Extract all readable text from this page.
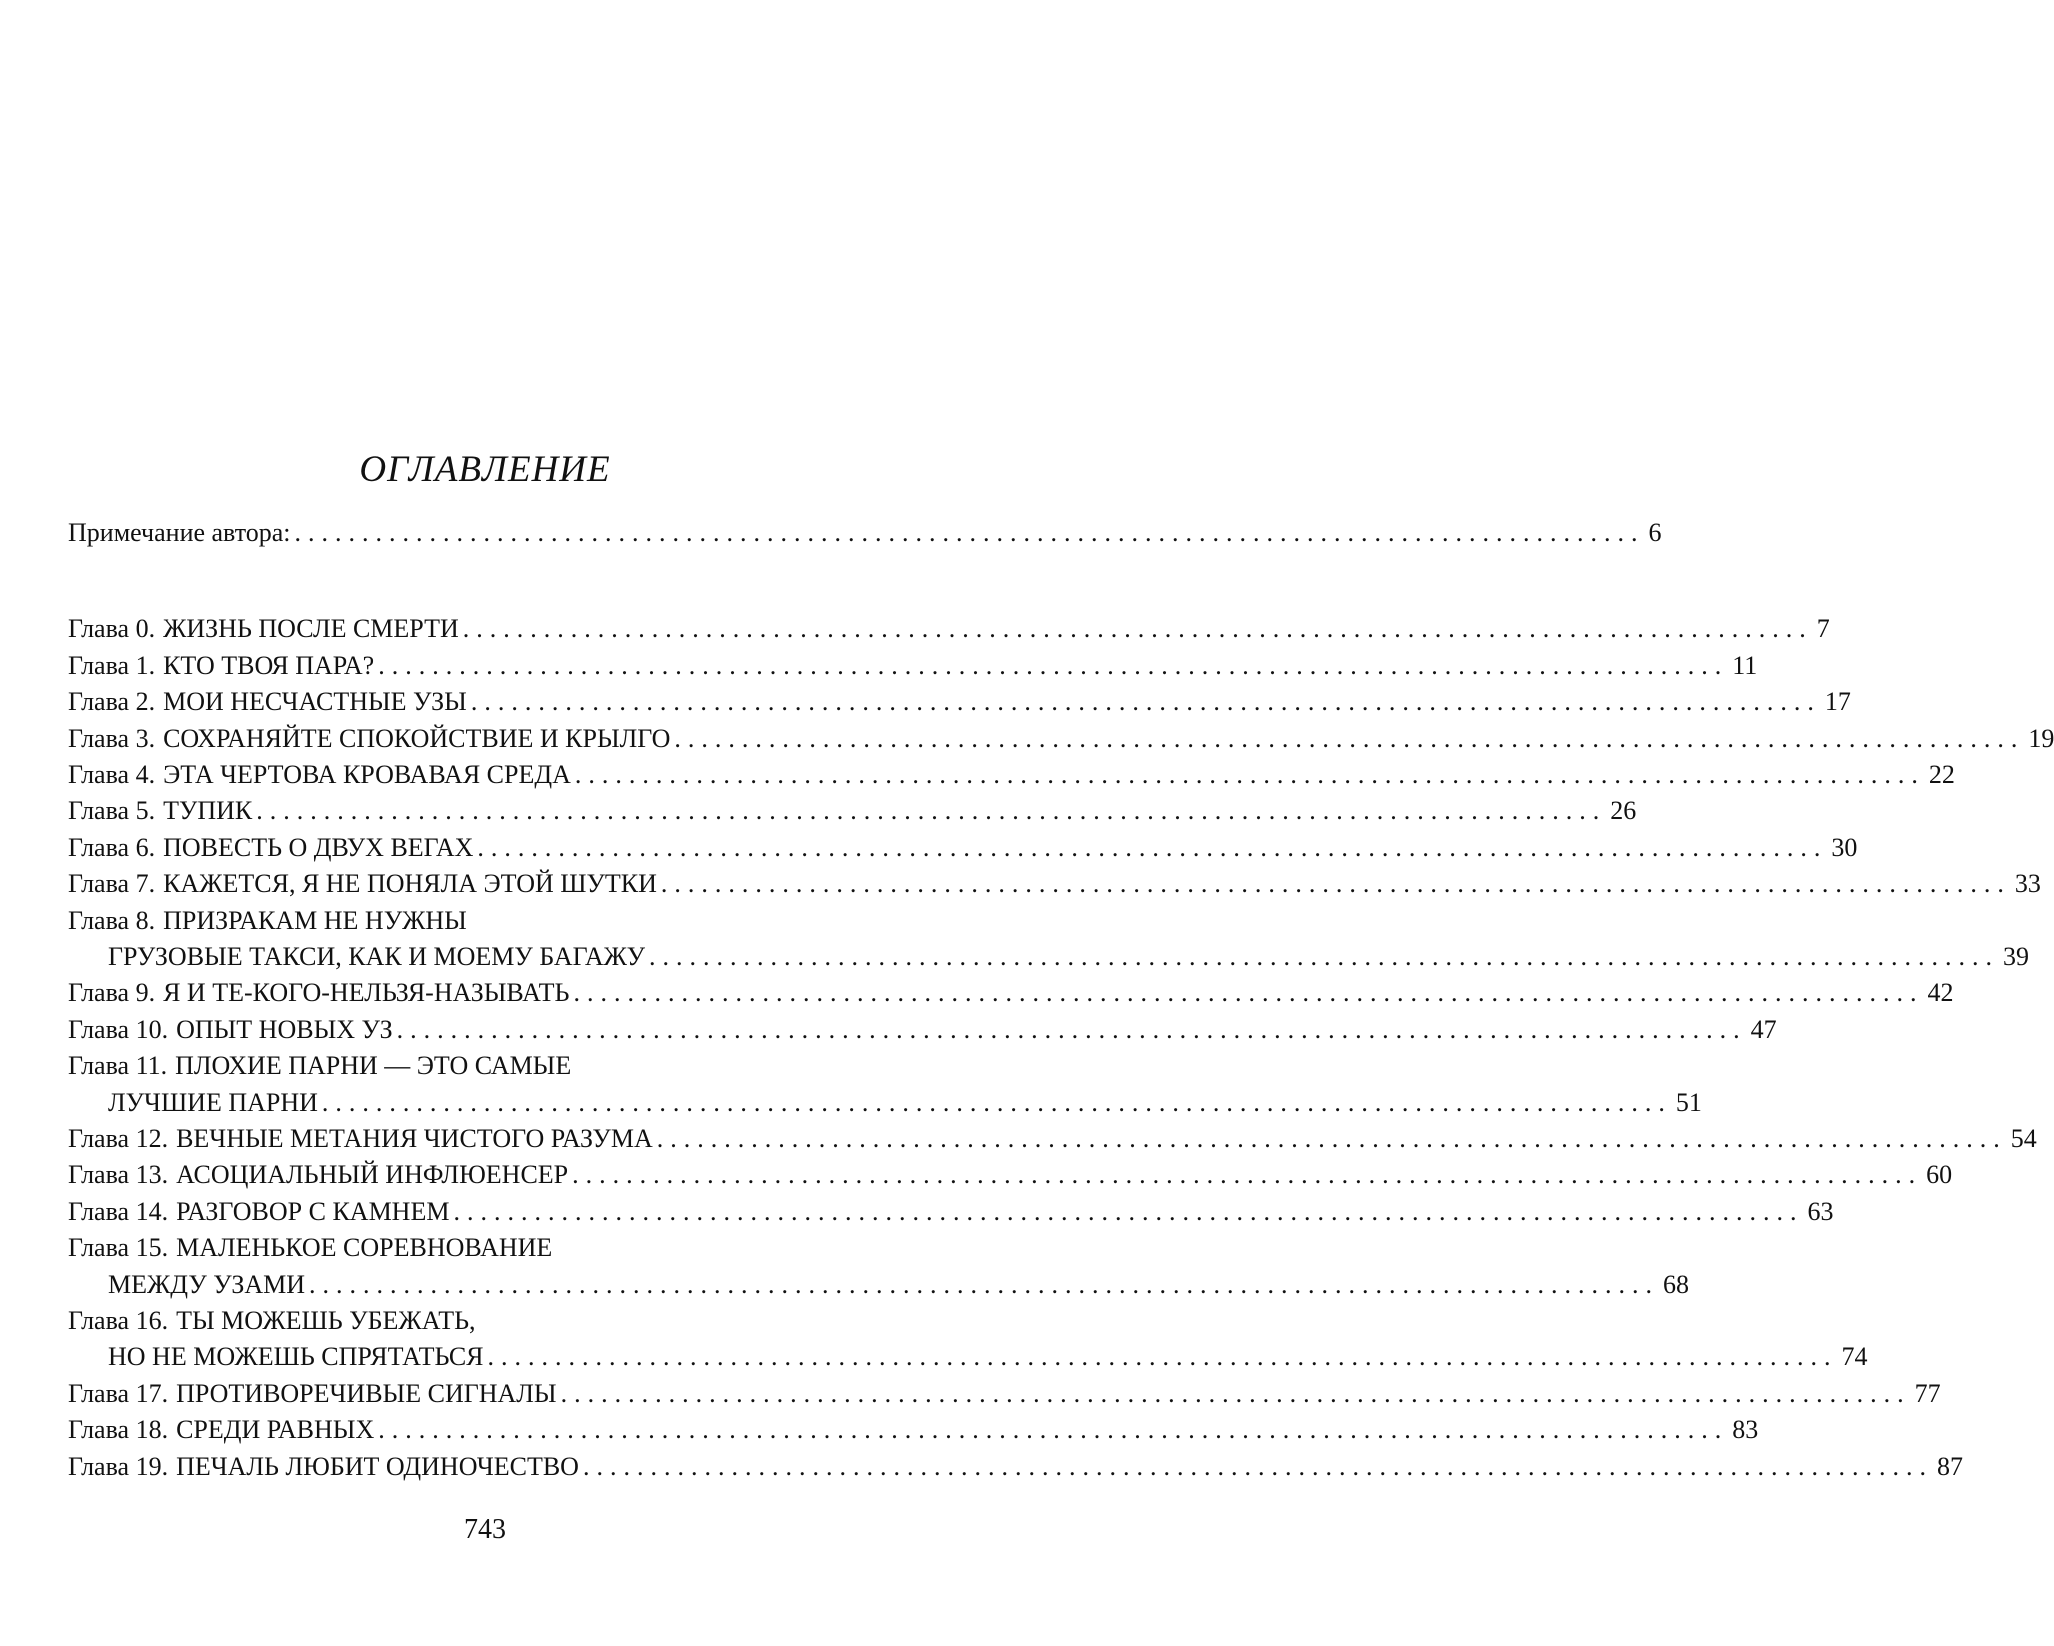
ОГЛАВЛЕНИЕ
Примечание автора: .................................................................................................... 6
Глава 0. ЖИЗНЬ ПОСЛЕ СМЕРТИ .................................................................................................... 7
Глава 1. КТО ТВОЯ ПАРА? .................................................................................................... 11
Глава 2. МОИ НЕСЧАСТНЫЕ УЗЫ .................................................................................................... 17
Глава 3. СОХРАНЯЙТЕ СПОКОЙСТВИЕ И КРЫЛГО .................................................................................................... 19
Глава 4. ЭТА ЧЕРТОВА КРОВАВАЯ СРЕДА .................................................................................................... 22
Глава 5. ТУПИК .................................................................................................... 26
Глава 6. ПОВЕСТЬ О ДВУХ ВЕГАХ .................................................................................................... 30
Глава 7. КАЖЕТСЯ, Я НЕ ПОНЯЛА ЭТОЙ ШУТКИ .................................................................................................... 33
Глава 8. ПРИЗРАКАМ НЕ НУЖНЫ
ГРУЗОВЫЕ ТАКСИ, КАК И МОЕМУ БАГАЖУ .................................................................................................... 39
Глава 9. Я И ТЕ-КОГО-НЕЛЬЗЯ-НАЗЫВАТЬ .................................................................................................... 42
Глава 10. ОПЫТ НОВЫХ УЗ .................................................................................................... 47
Глава 11. ПЛОХИЕ ПАРНИ — ЭТО САМЫЕ
ЛУЧШИЕ ПАРНИ .................................................................................................... 51
Глава 12. ВЕЧНЫЕ МЕТАНИЯ ЧИСТОГО РАЗУМА .................................................................................................... 54
Глава 13. АСОЦИАЛЬНЫЙ ИНФЛЮЕНСЕР .................................................................................................... 60
Глава 14. РАЗГОВОР С КАМНЕМ .................................................................................................... 63
Глава 15. МАЛЕНЬКОЕ СОРЕВНОВАНИЕ
МЕЖДУ УЗАМИ .................................................................................................... 68
Глава 16. ТЫ МОЖЕШЬ УБЕЖАТЬ,
НО НЕ МОЖЕШЬ СПРЯТАТЬСЯ .................................................................................................... 74
Глава 17. ПРОТИВОРЕЧИВЫЕ СИГНАЛЫ .................................................................................................... 77
Глава 18. СРЕДИ РАВНЫХ .................................................................................................... 83
Глава 19. ПЕЧАЛЬ ЛЮБИТ ОДИНОЧЕСТВО .................................................................................................... 87
743
